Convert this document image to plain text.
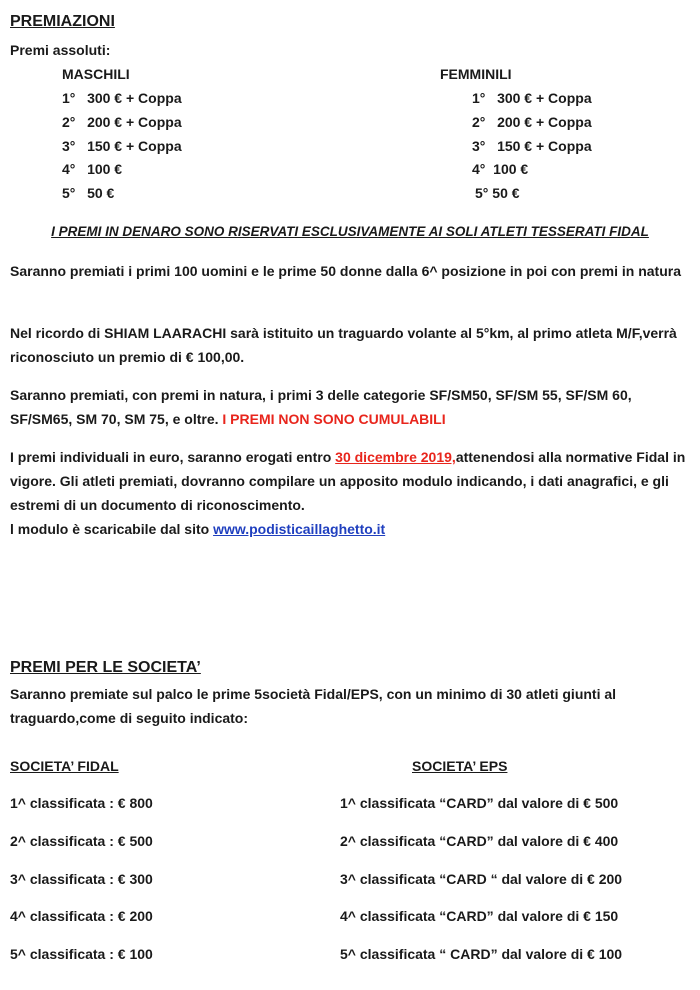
PREMIAZIONI
Premi assoluti:
MASCHILI
1° 300 € + Coppa
2° 200 € + Coppa
3° 150 € + Coppa
4° 100 €
5° 50 €
FEMMINILI
1° 300 € + Coppa
2° 200 € + Coppa
3° 150 € + Coppa
4° 100 €
5° 50 €
I PREMI IN DENARO SONO RISERVATI ESCLUSIVAMENTE AI SOLI ATLETI TESSERATI FIDAL
Saranno premiati i primi 100 uomini e le prime 50 donne dalla 6^ posizione in poi con premi in natura
Nel ricordo di SHIAM LAARACHI sarà istituito un traguardo volante al 5°km, al primo atleta M/F,verrà riconosciuto un premio di € 100,00.
Saranno premiati, con premi in natura, i primi 3 delle categorie SF/SM50, SF/SM 55, SF/SM 60, SF/SM65, SM 70, SM 75, e oltre. I PREMI NON SONO CUMULABILI
I premi individuali in euro, saranno erogati entro 30 dicembre 2019,attenendosi alla normative Fidal in vigore. Gli atleti premiati, dovranno compilare un apposito modulo indicando, i dati anagrafici, e gli estremi di un documento di riconoscimento.
l modulo è scaricabile dal sito www.podisticaillaghetto.it
PREMI PER LE SOCIETA’
Saranno premiate sul palco le prime 5società Fidal/EPS, con un minimo di 30 atleti giunti al traguardo,come di seguito indicato:
SOCIETA’ FIDAL
1^ classificata : € 800
2^ classificata : € 500
3^ classificata : € 300
4^ classificata : € 200
5^ classificata : € 100
SOCIETA’ EPS
1^ classificata “CARD” dal valore di € 500
2^ classificata “CARD” dal valore di € 400
3^ classificata “CARD “ dal valore di € 200
4^ classificata “CARD” dal valore di € 150
5^ classificata “ CARD” dal valore di € 100
